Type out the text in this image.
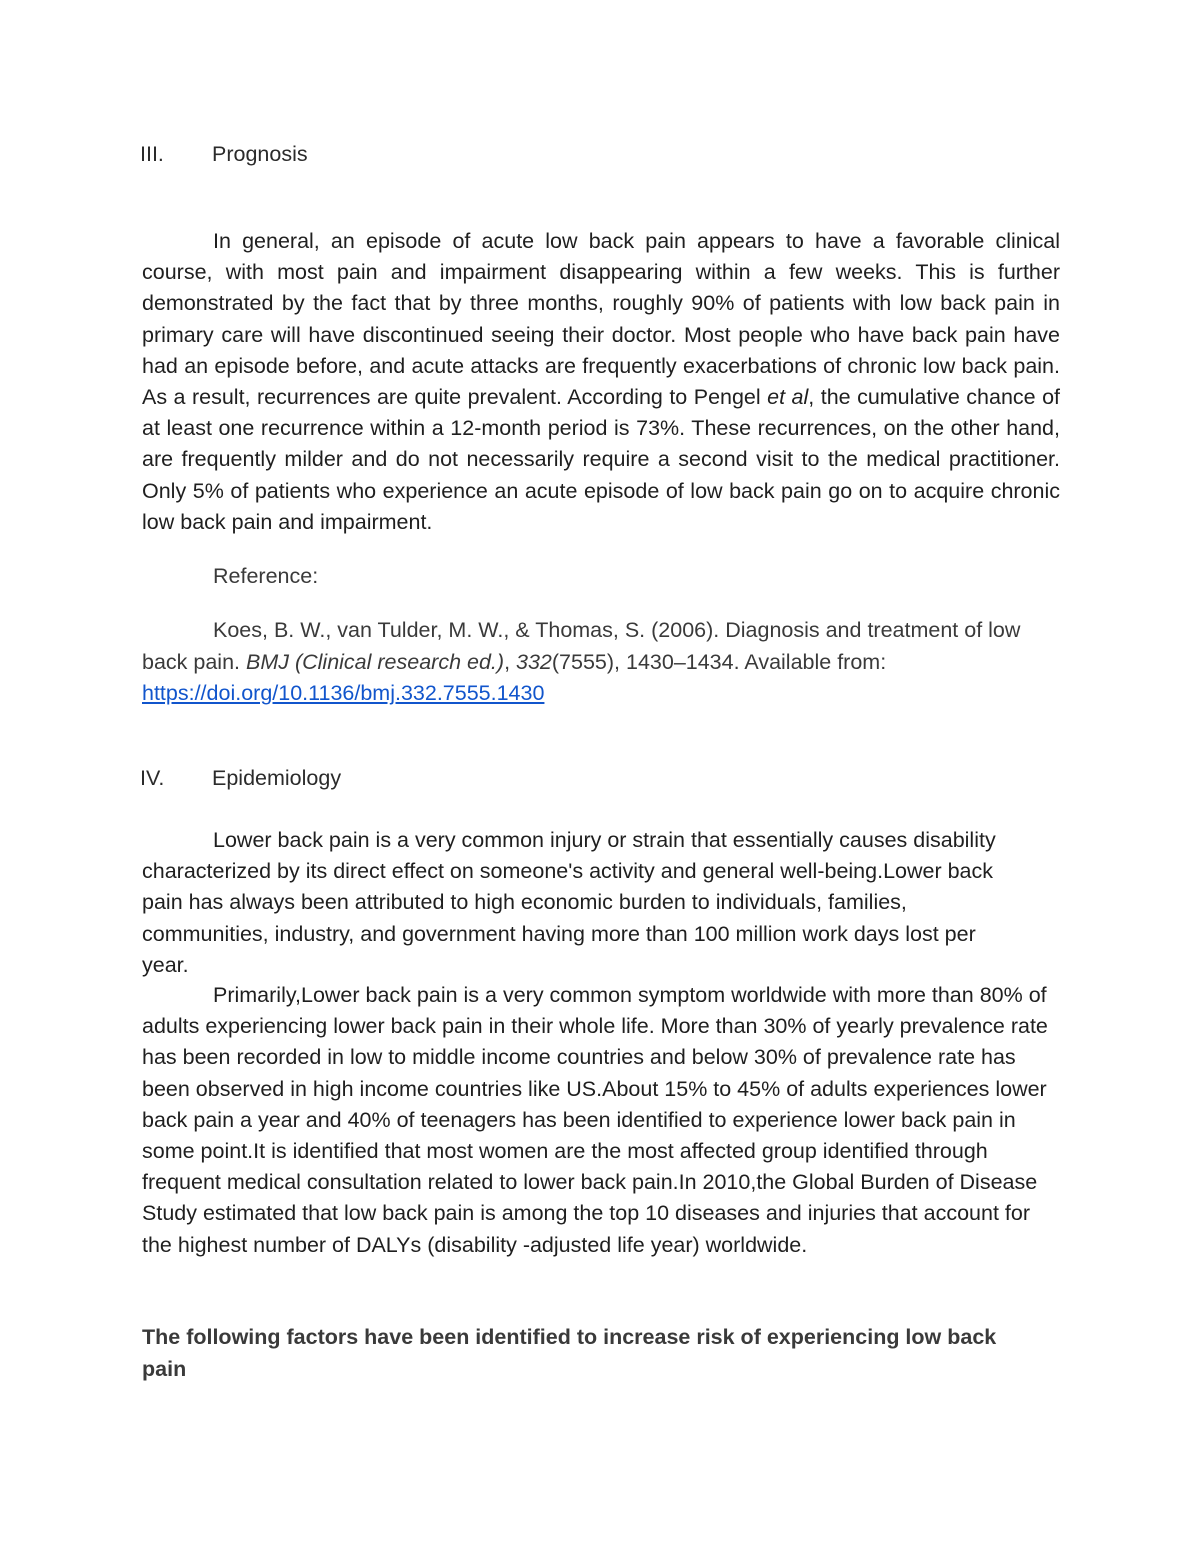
III. Prognosis

In general, an episode of acute low back pain appears to have a favorable clinical course, with most pain and impairment disappearing within a few weeks. This is further demonstrated by the fact that by three months, roughly 90% of patients with low back pain in primary care will have discontinued seeing their doctor. Most people who have back pain have had an episode before, and acute attacks are frequently exacerbations of chronic low back pain. As a result, recurrences are quite prevalent. According to Pengel et al, the cumulative chance of at least one recurrence within a 12-month period is 73%. These recurrences, on the other hand, are frequently milder and do not necessarily require a second visit to the medical practitioner. Only 5% of patients who experience an acute episode of low back pain go on to acquire chronic low back pain and impairment.

Reference:

Koes, B. W., van Tulder, M. W., & Thomas, S. (2006). Diagnosis and treatment of low back pain. BMJ (Clinical research ed.), 332(7555), 1430–1434. Available from:
https://doi.org/10.1136/bmj.332.7555.1430

IV. Epidemiology

Lower back pain is a very common injury or strain that essentially causes disability characterized by its direct effect on someone's activity and general well-being.Lower back pain has always been attributed to high economic burden to individuals, families, communities, industry, and government having more than 100 million work days lost per year.

Primarily,Lower back pain is a very common symptom worldwide with more than 80% of adults experiencing lower back pain in their whole life. More than 30% of yearly prevalence rate has been recorded in low to middle income countries and below 30% of prevalence rate has been observed in high income countries like US.About 15% to 45% of adults experiences lower back pain a year and 40% of teenagers has been identified to experience lower back pain in some point.It is identified that most women are the most affected group identified through frequent medical consultation related to lower back pain.In 2010,the Global Burden of Disease Study estimated that low back pain is among the top 10 diseases and injuries that account for the highest number of DALYs (disability -adjusted life year) worldwide.

The following factors have been identified to increase risk of experiencing low back pain
